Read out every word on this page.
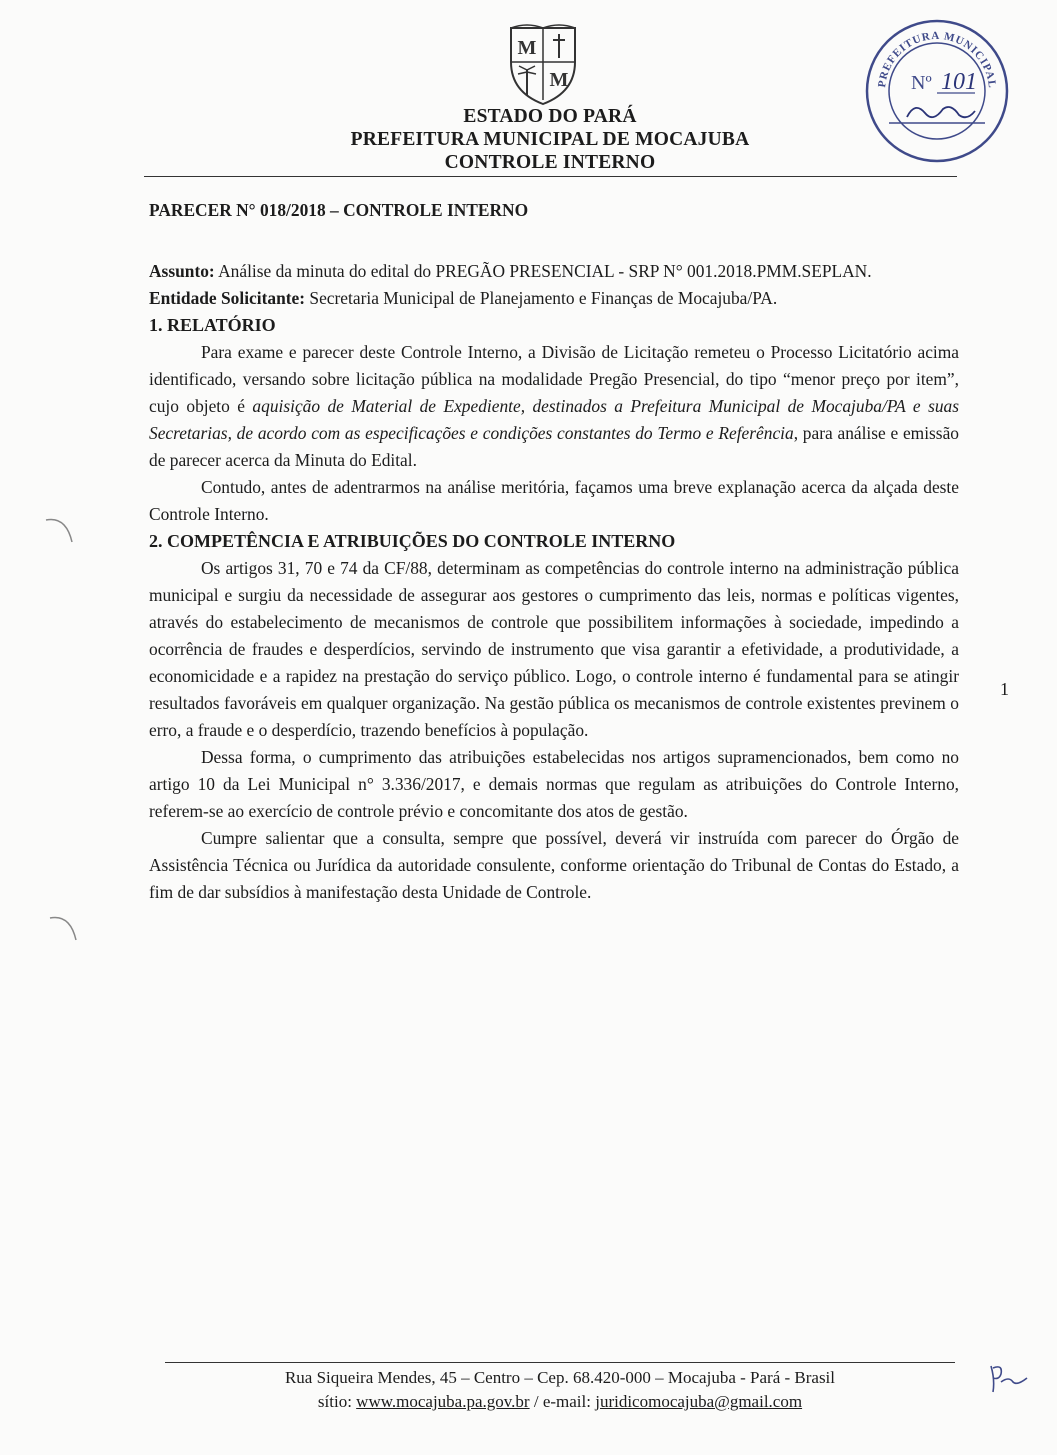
M
M
ESTADO DO PARÁ
PREFEITURA MUNICIPAL DE MOCAJUBA
CONTROLE INTERNO
PREFEITURA MUNICIPAL
Nº 101

PARECER N° 018/2018 – CONTROLE INTERNO

Assunto: Análise da minuta do edital do PREGÃO PRESENCIAL - SRP N° 001.2018.PMM.SEPLAN.

Entidade Solicitante: Secretaria Municipal de Planejamento e Finanças de Mocajuba/PA.

1. RELATÓRIO

Para exame e parecer deste Controle Interno, a Divisão de Licitação remeteu o Processo Licitatório acima identificado, versando sobre licitação pública na modalidade Pregão Presencial, do tipo “menor preço por item”, cujo objeto é aquisição de Material de Expediente, destinados a Prefeitura Municipal de Mocajuba/PA e suas Secretarias, de acordo com as especificações e condições constantes do Termo e Referência, para análise e emissão de parecer acerca da Minuta do Edital.

Contudo, antes de adentrarmos na análise meritória, façamos uma breve explanação acerca da alçada deste Controle Interno.

2. COMPETÊNCIA E ATRIBUIÇÕES DO CONTROLE INTERNO

Os artigos 31, 70 e 74 da CF/88, determinam as competências do controle interno na administração pública municipal e surgiu da necessidade de assegurar aos gestores o cumprimento das leis, normas e políticas vigentes, através do estabelecimento de mecanismos de controle que possibilitem informações à sociedade, impedindo a ocorrência de fraudes e desperdícios, servindo de instrumento que visa garantir a efetividade, a produtividade, a economicidade e a rapidez na prestação do serviço público. Logo, o controle interno é fundamental para se atingir resultados favoráveis em qualquer organização. Na gestão pública os mecanismos de controle existentes previnem o erro, a fraude e o desperdício, trazendo benefícios à população.

Dessa forma, o cumprimento das atribuições estabelecidas nos artigos supramencionados, bem como no artigo 10 da Lei Municipal n° 3.336/2017, e demais normas que regulam as atribuições do Controle Interno, referem-se ao exercício de controle prévio e concomitante dos atos de gestão.

Cumpre salientar que a consulta, sempre que possível, deverá vir instruída com parecer do Órgão de Assistência Técnica ou Jurídica da autoridade consulente, conforme orientação do Tribunal de Contas do Estado, a fim de dar subsídios à manifestação desta Unidade de Controle.

1
Rua Siqueira Mendes, 45 – Centro – Cep. 68.420-000 – Mocajuba - Pará - Brasil
sítio: www.mocajuba.pa.gov.br / e-mail: juridicomocajuba@gmail.com
